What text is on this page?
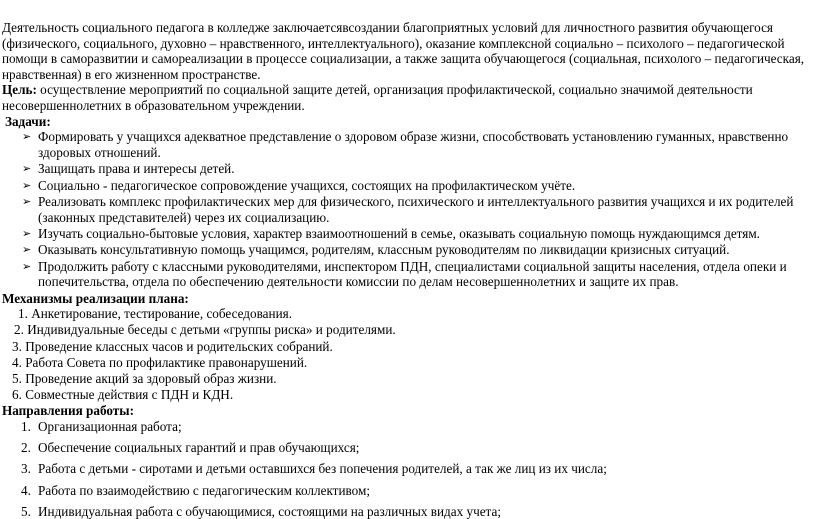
Деятельность социального педагога в колледже заключаетсявсоздании благоприятных условий для личностного развития обучающегося (физического, социального, духовно – нравственного, интеллектуального), оказание комплексной социально – психолого – педагогической помощи в саморазвитии и самореализации в процессе социализации, а также защита обучающегося (социальная, психолого – педагогическая, нравственная) в его жизненном пространстве.

Цель: осуществление мероприятий по социальной защите детей, организация профилактической, социально значимой деятельности несовершеннолетних в образовательном учреждении.

Задачи:

➢ Формировать у учащихся адекватное представление о здоровом образе жизни, способствовать установлению гуманных, нравственно здоровых отношений.
➢ Защищать права и интересы детей.
➢ Социально - педагогическое сопровождение учащихся, состоящих на профилактическом учёте.
➢ Реализовать комплекс профилактических мер для физического, психического и интеллектуального развития учащихся и их родителей (законных представителей) через их социализацию.
➢ Изучать социально-бытовые условия, характер взаимоотношений в семье, оказывать социальную помощь нуждающимся детям.
➢ Оказывать консультативную помощь учащимся, родителям, классным руководителям по ликвидации кризисных ситуаций.
➢ Продолжить работу с классными руководителями, инспектором ПДН, специалистами социальной защиты населения, отдела опеки и попечительства, отдела по обеспечению деятельности комиссии по делам несовершеннолетних и защите их прав.

Механизмы реализации плана:

1. Анкетирование, тестирование, собеседования.

2. Индивидуальные беседы с детьми «группы риска» и родителями.

3. Проведение классных часов и родительских собраний.

4. Работа Совета по профилактике правонарушений.

5. Проведение акций за здоровый образ жизни.

6. Совместные действия с ПДН и КДН.

Направления работы:

1. Организационная работа;
2. Обеспечение социальных гарантий и прав обучающихся;
3. Работа с детьми - сиротами и детьми оставшихся без попечения родителей, а так же лиц из их числа;
4. Работа по взаимодействию с педагогическим коллективом;
5. Индивидуальная работа с обучающимися, состоящими на различных видах учета;
